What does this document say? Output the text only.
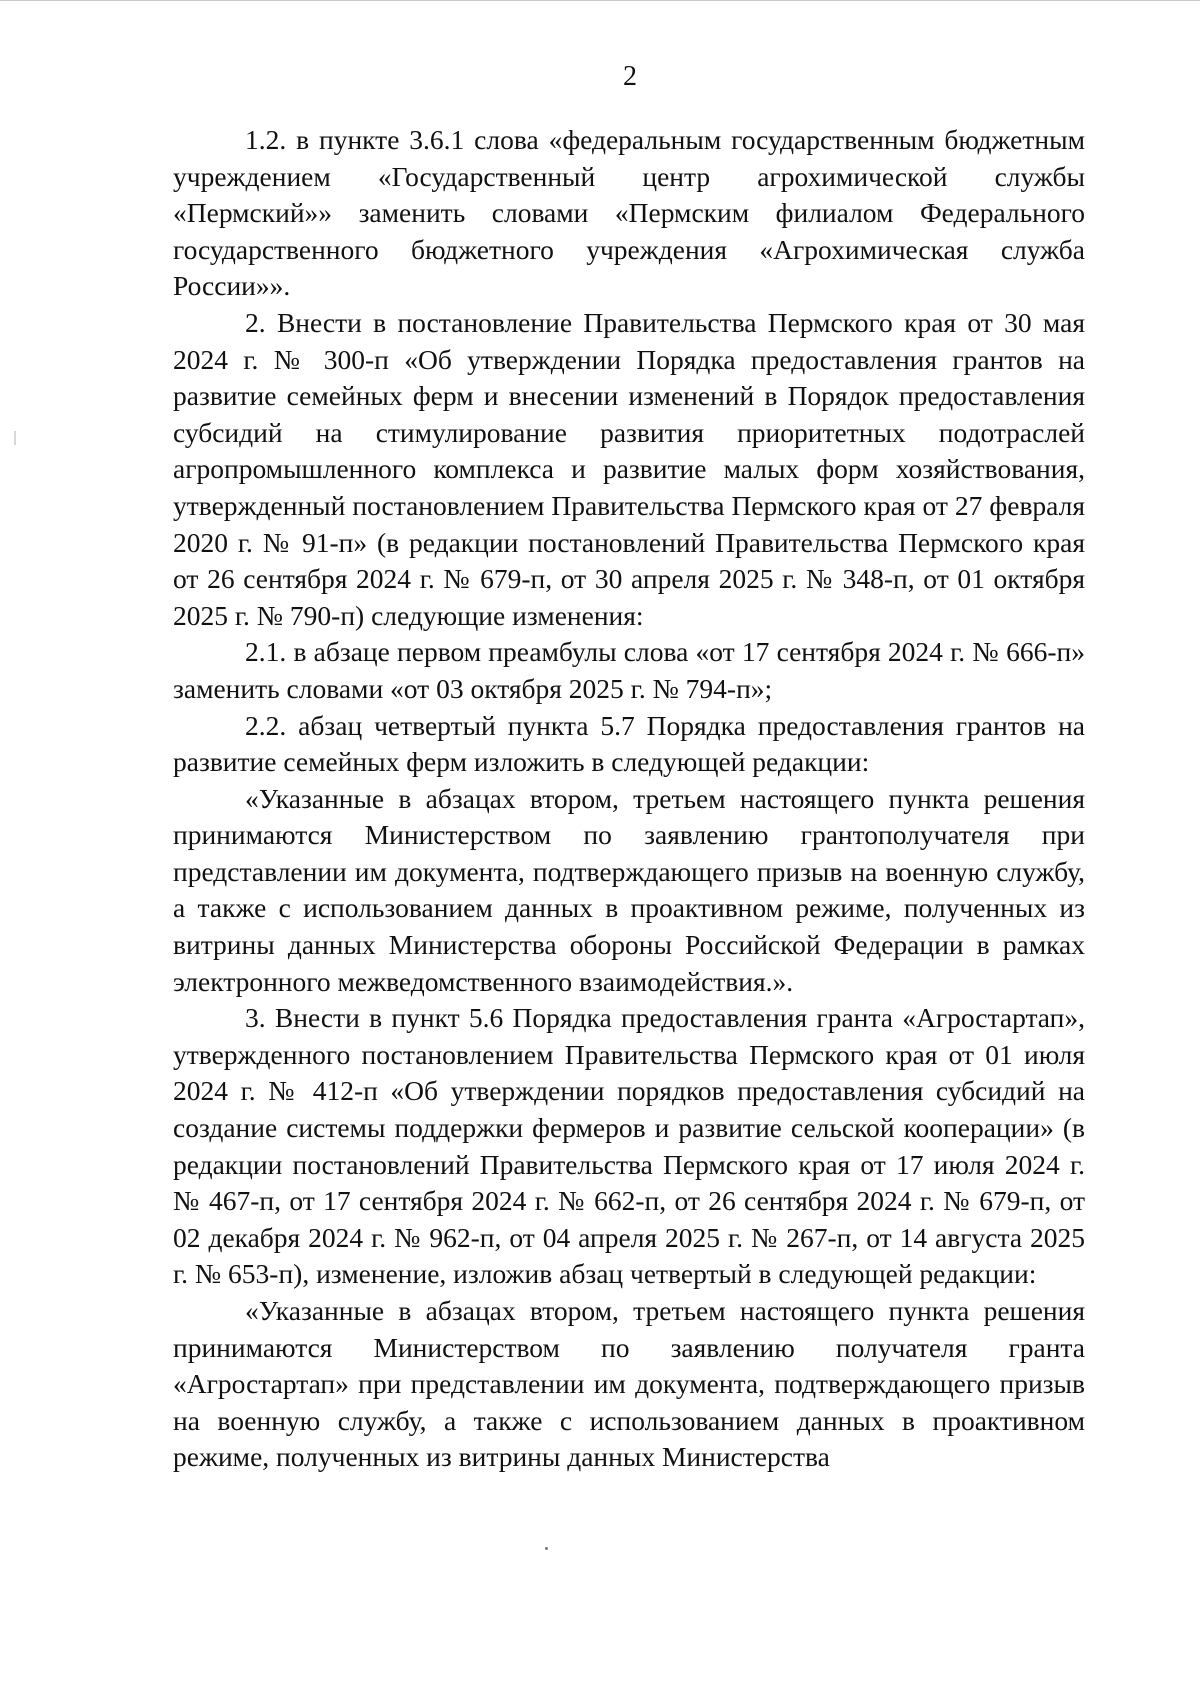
2

1.2. в пункте 3.6.1 слова «федеральным государственным бюджетным учреждением «Государственный центр агрохимической службы «Пермский»» заменить словами «Пермским филиалом Федерального государственного бюджетного учреждения «Агрохимическая служба России»».

2. Внести в постановление Правительства Пермского края от 30 мая 2024 г. № 300-п «Об утверждении Порядка предоставления грантов на развитие семейных ферм и внесении изменений в Порядок предоставления субсидий на стимулирование развития приоритетных подотраслей агропромышленного комплекса и развитие малых форм хозяйствования, утвержденный постановлением Правительства Пермского края от 27 февраля 2020 г. № 91-п» (в редакции постановлений Правительства Пермского края от 26 сентября 2024 г. № 679-п, от 30 апреля 2025 г. № 348-п, от 01 октября 2025 г. № 790-п) следующие изменения:

2.1. в абзаце первом преамбулы слова «от 17 сентября 2024 г. № 666-п» заменить словами «от 03 октября 2025 г. № 794-п»;

2.2. абзац четвертый пункта 5.7 Порядка предоставления грантов на развитие семейных ферм изложить в следующей редакции:

«Указанные в абзацах втором, третьем настоящего пункта решения принимаются Министерством по заявлению грантополучателя при представлении им документа, подтверждающего призыв на военную службу, а также с использованием данных в проактивном режиме, полученных из витрины данных Министерства обороны Российской Федерации в рамках электронного межведомственного взаимодействия.».

3. Внести в пункт 5.6 Порядка предоставления гранта «Агростартап», утвержденного постановлением Правительства Пермского края от 01 июля 2024 г. № 412-п «Об утверждении порядков предоставления субсидий на создание системы поддержки фермеров и развитие сельской кооперации» (в редакции постановлений Правительства Пермского края от 17 июля 2024 г. № 467-п, от 17 сентября 2024 г. № 662-п, от 26 сентября 2024 г. № 679-п, от 02 декабря 2024 г. № 962-п, от 04 апреля 2025 г. № 267-п, от 14 августа 2025 г. № 653-п), изменение, изложив абзац четвертый в следующей редакции:

«Указанные в абзацах втором, третьем настоящего пункта решения принимаются Министерством по заявлению получателя гранта «Агростартап» при представлении им документа, подтверждающего призыв на военную службу, а также с использованием данных в проактивном режиме, полученных из витрины данных Министерства
